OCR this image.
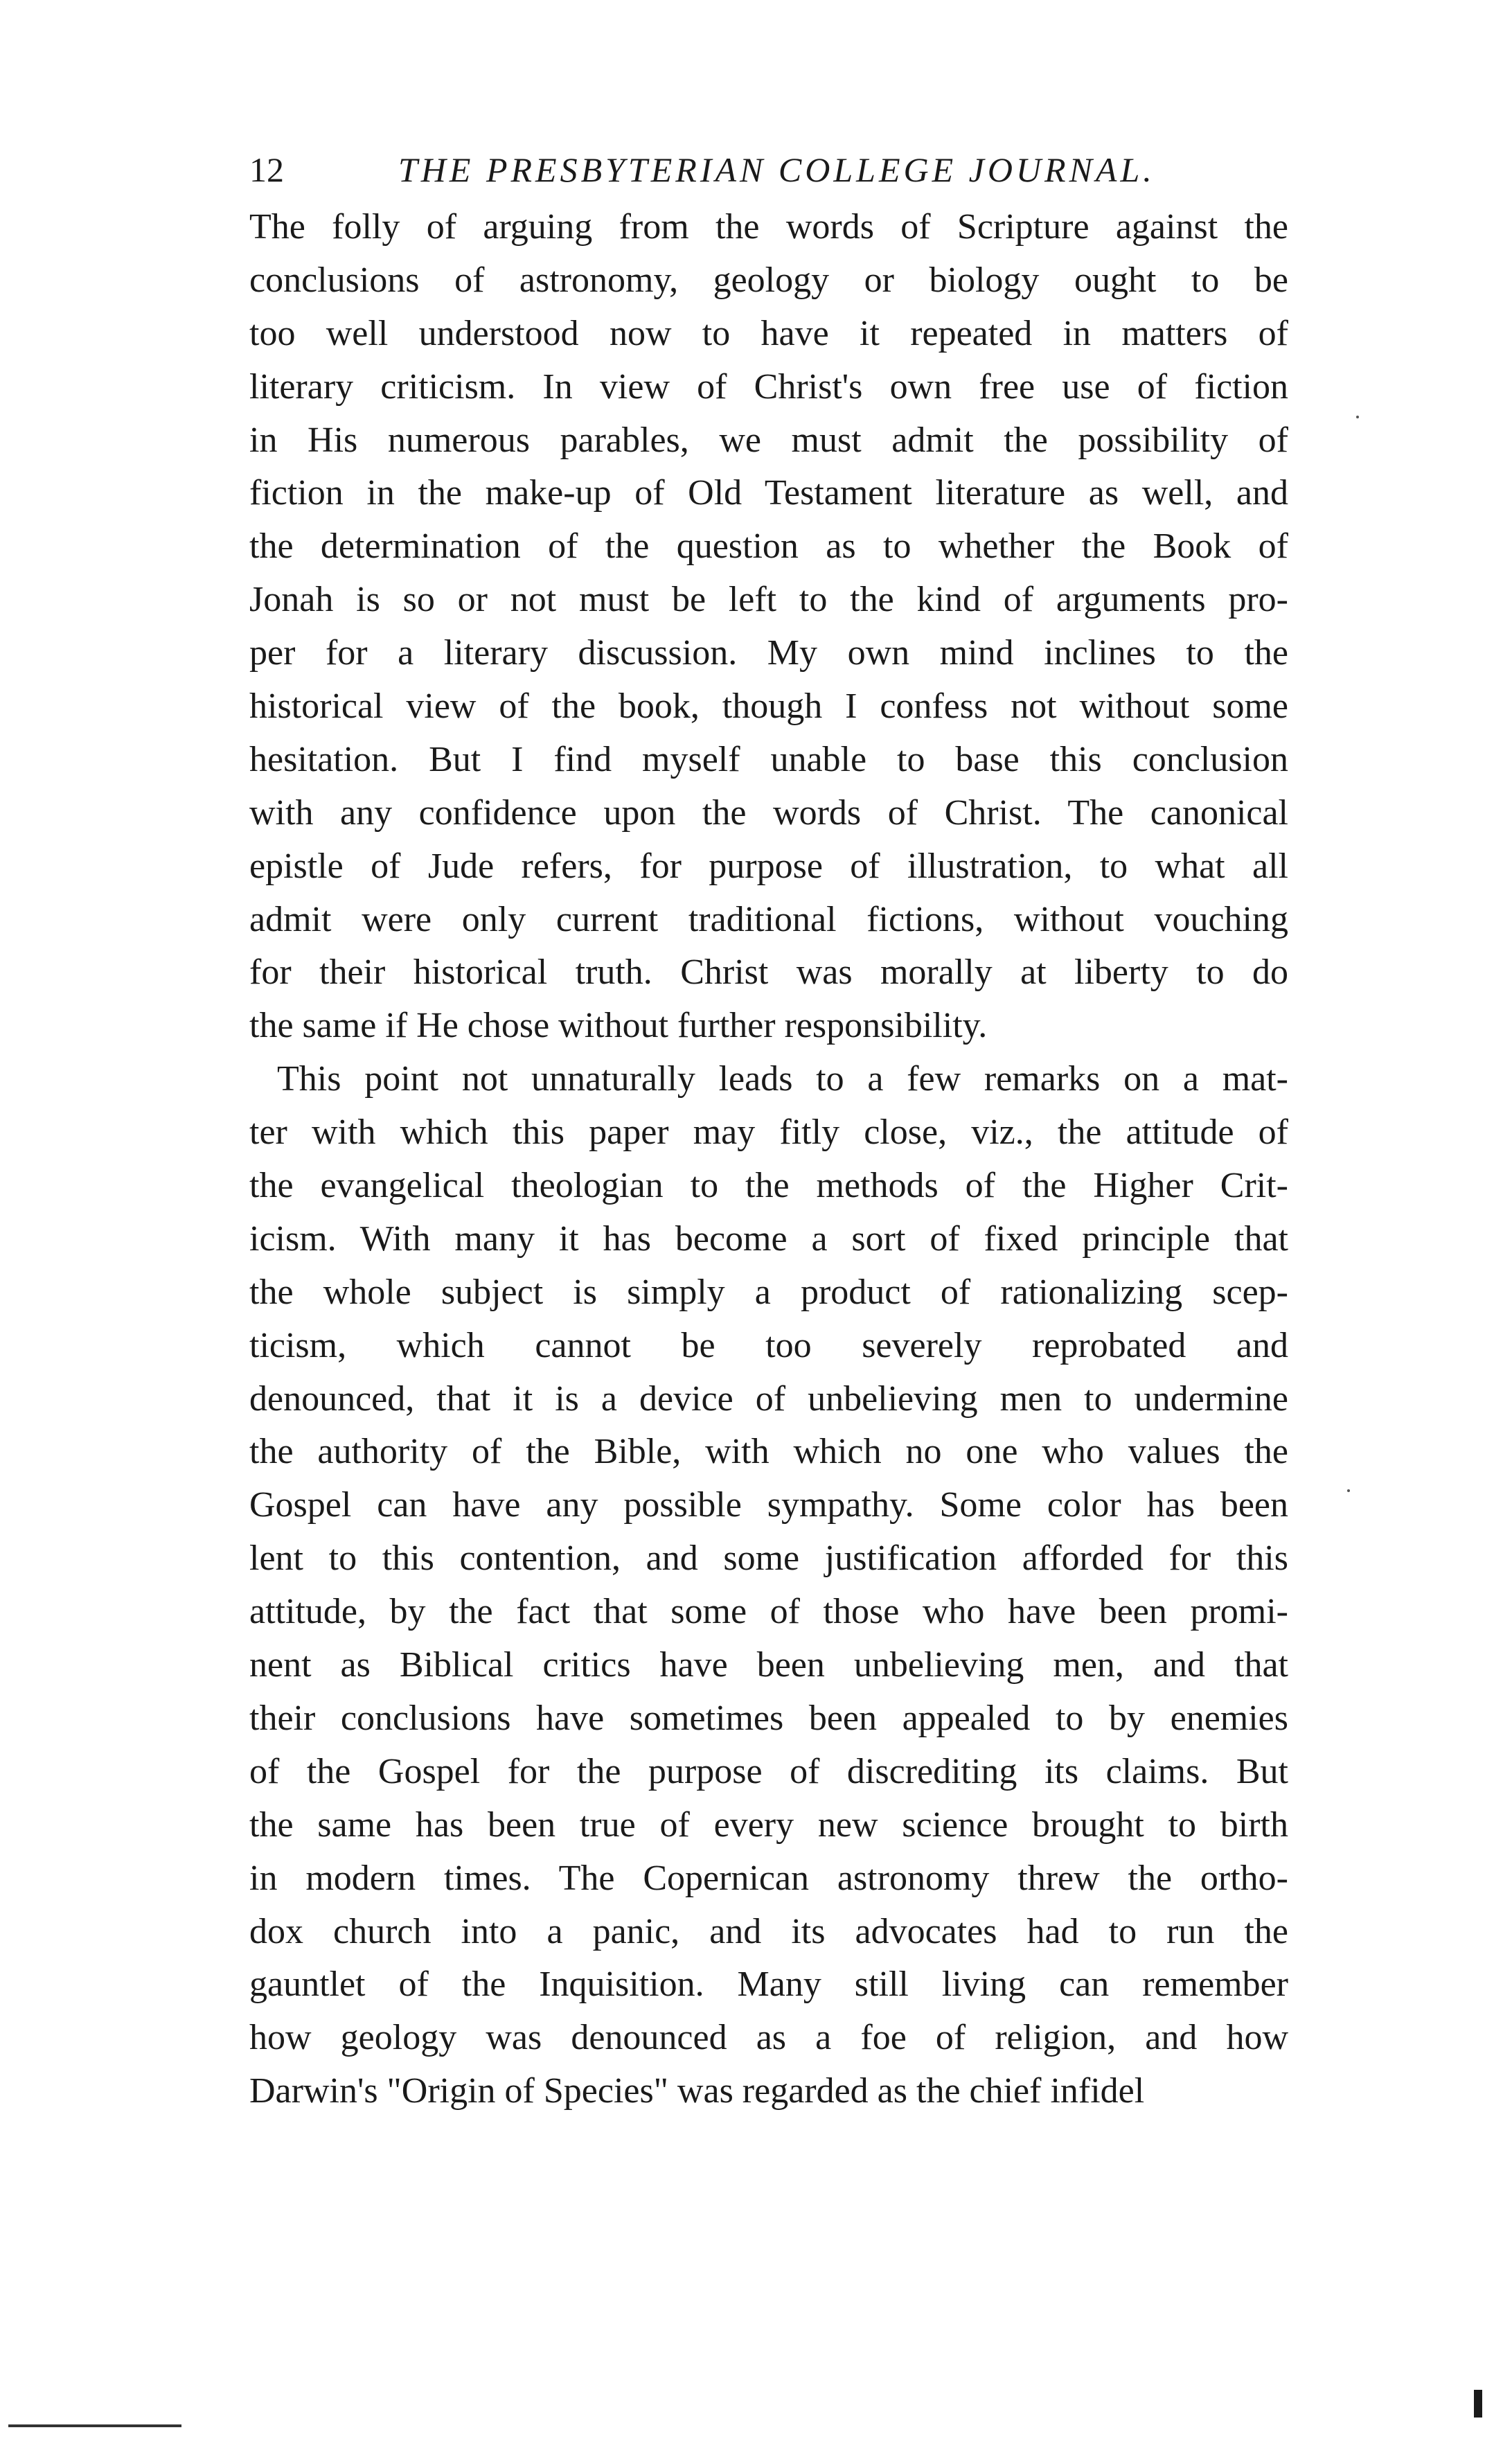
12	THE PRESBYTERIAN COLLEGE JOURNAL.
The folly of arguing from the words of Scripture against the
conclusions of astronomy, geology or biology ought to be
too well understood now to have it repeated in matters of
literary criticism. In view of Christ's own free use of fiction
in His numerous parables, we must admit the possibility of
fiction in the make-up of Old Testament literature as well, and
the determination of the question as to whether the Book of
Jonah is so or not must be left to the kind of arguments pro-
per for a literary discussion. My own mind inclines to the
historical view of the book, though I confess not without some
hesitation. But I find myself unable to base this conclusion
with any confidence upon the words of Christ. The canonical
epistle of Jude refers, for purpose of illustration, to what all
admit were only current traditional fictions, without vouching
for their historical truth. Christ was morally at liberty to do
the same if He chose without further responsibility.
This point not unnaturally leads to a few remarks on a mat-
ter with which this paper may fitly close, viz., the attitude of
the evangelical theologian to the methods of the Higher Crit-
icism. With many it has become a sort of fixed principle that
the whole subject is simply a product of rationalizing scep-
ticism, which cannot be too severely reprobated and
denounced, that it is a device of unbelieving men to undermine
the authority of the Bible, with which no one who values the
Gospel can have any possible sympathy. Some color has been
lent to this contention, and some justification afforded for this
attitude, by the fact that some of those who have been promi-
nent as Biblical critics have been unbelieving men, and that
their conclusions have sometimes been appealed to by enemies
of the Gospel for the purpose of discrediting its claims. But
the same has been true of every new science brought to birth
in modern times. The Copernican astronomy threw the ortho-
dox church into a panic, and its advocates had to run the
gauntlet of the Inquisition. Many still living can remember
how geology was denounced as a foe of religion, and how
Darwin's "Origin of Species" was regarded as the chief infidel
